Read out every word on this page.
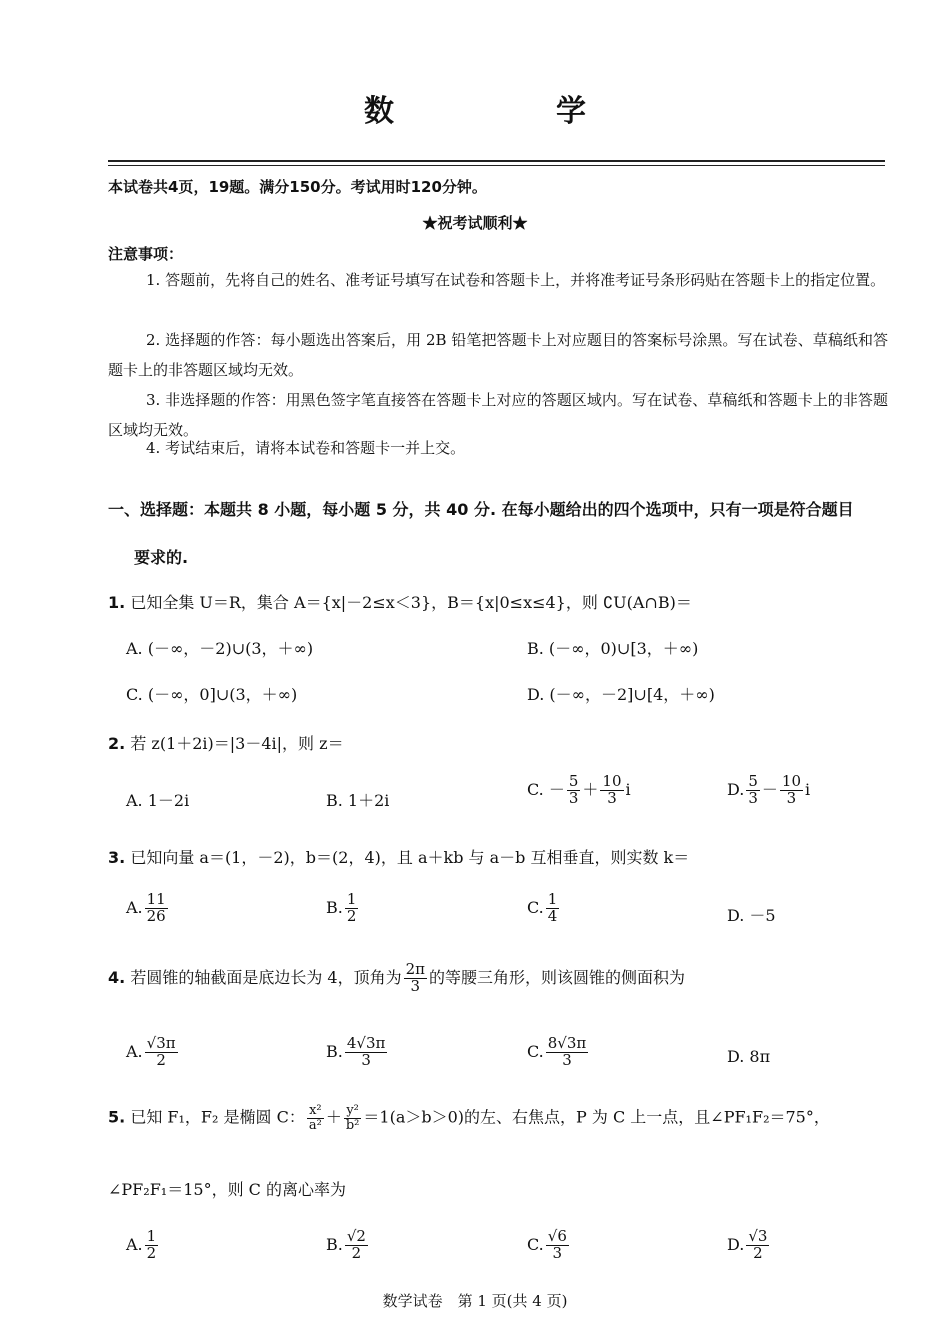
数　学
本试卷共4页，19题。满分150分。考试用时120分钟。
★祝考试顺利★
注意事项：
1. 答题前，先将自己的姓名、准考证号填写在试卷和答题卡上，并将准考证号条形码贴在答题卡上的指定位置。
2. 选择题的作答：每小题选出答案后，用 2B 铅笔把答题卡上对应题目的答案标号涂黑。写在试卷、草稿纸和答题卡上的非答题区域均无效。
3. 非选择题的作答：用黑色签字笔直接答在答题卡上对应的答题区域内。写在试卷、草稿纸和答题卡上的非答题区域均无效。
4. 考试结束后，请将本试卷和答题卡一并上交。
一、选择题：本题共 8 小题，每小题 5 分，共 40 分. 在每小题给出的四个选项中，只有一项是符合题目
要求的.
1. 已知全集 U＝R，集合 A＝{x|－2≤x＜3}，B＝{x|0≤x≤4}，则 ∁U(A∩B)＝
A. (－∞，－2)∪(3，＋∞)	B. (－∞，0)∪[3，＋∞)
C. (－∞，0]∪(3，＋∞)	D. (－∞，－2]∪[4，＋∞)
2. 若 z(1＋2i)＝|3－4i|，则 z＝
A. 1－2i	B. 1＋2i
C. － $\frac{5}{3} + \frac{10}{3}$ i	D. $\frac{5}{3} - \frac{10}{3}$ i
3. 已知向量 a＝(1，－2)，b＝(2，4)，且 a＋kb 与 a－b 互相垂直，则实数 k＝
A. $\frac{11}{26}$	B. $\frac{1}{2}$	C. $\frac{1}{4}$	D. －5
4. 若圆锥的轴截面是底边长为 4，顶角为 $\frac{2\pi}{3}$ 的等腰三角形，则该圆锥的侧面积为
A. $\frac{√3\pi}{2}$	B. $\frac{4√3\pi}{3}$	C. $\frac{8√3\pi}{3}$	D. 8π
5. 已知 F₁，F₂ 是椭圆 C： $\frac{\text{x²}}{\text{a²}} + \frac{\text{y²}}{\text{b²}} =1(a>b>0)$的左、右焦点，P 为 C 上一点，且∠PF₁F₂＝75°，
∠PF₂F₁＝15°，则 C 的离心率为
A. $\frac{1}{2}$	B. $\frac{√2}{2}$	C. $\frac{√6}{3}$	D. $\frac{√3}{2}$
数学试卷　第 1 页(共 4 页)
